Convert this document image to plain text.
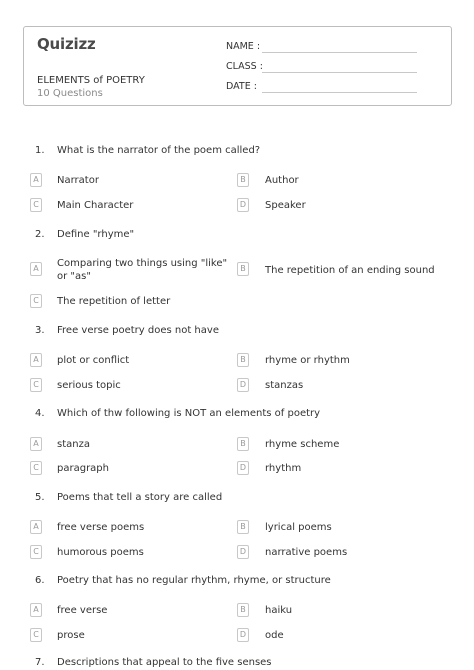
Quizizz
ELEMENTS of POETRY
10 Questions
NAME :
CLASS :
DATE :
1. What is the narrator of the poem called?
A	Narrator	B	Author
C	Main Character	D Speaker
2. Define "rhyme"
A	Comparing two things using "like" or "as"
B	The repetition of an ending sound
C	The repetition of letter
3. Free verse poetry does not have
A	plot or conflict	B	rhyme or rhythm
C	serious topic	D stanzas
4. Which of thw following is NOT an elements of poetry
A	stanza	B	rhyme scheme
C	paragraph	D rhythm
5. Poems that tell a story are called
A	free verse poems	B	lyrical poems
C	humorous poems	D narrative poems
6. Poetry that has no regular rhythm, rhyme, or structure
A	free verse	B	haiku
C	prose	D ode
7. Descriptions that appeal to the five senses
